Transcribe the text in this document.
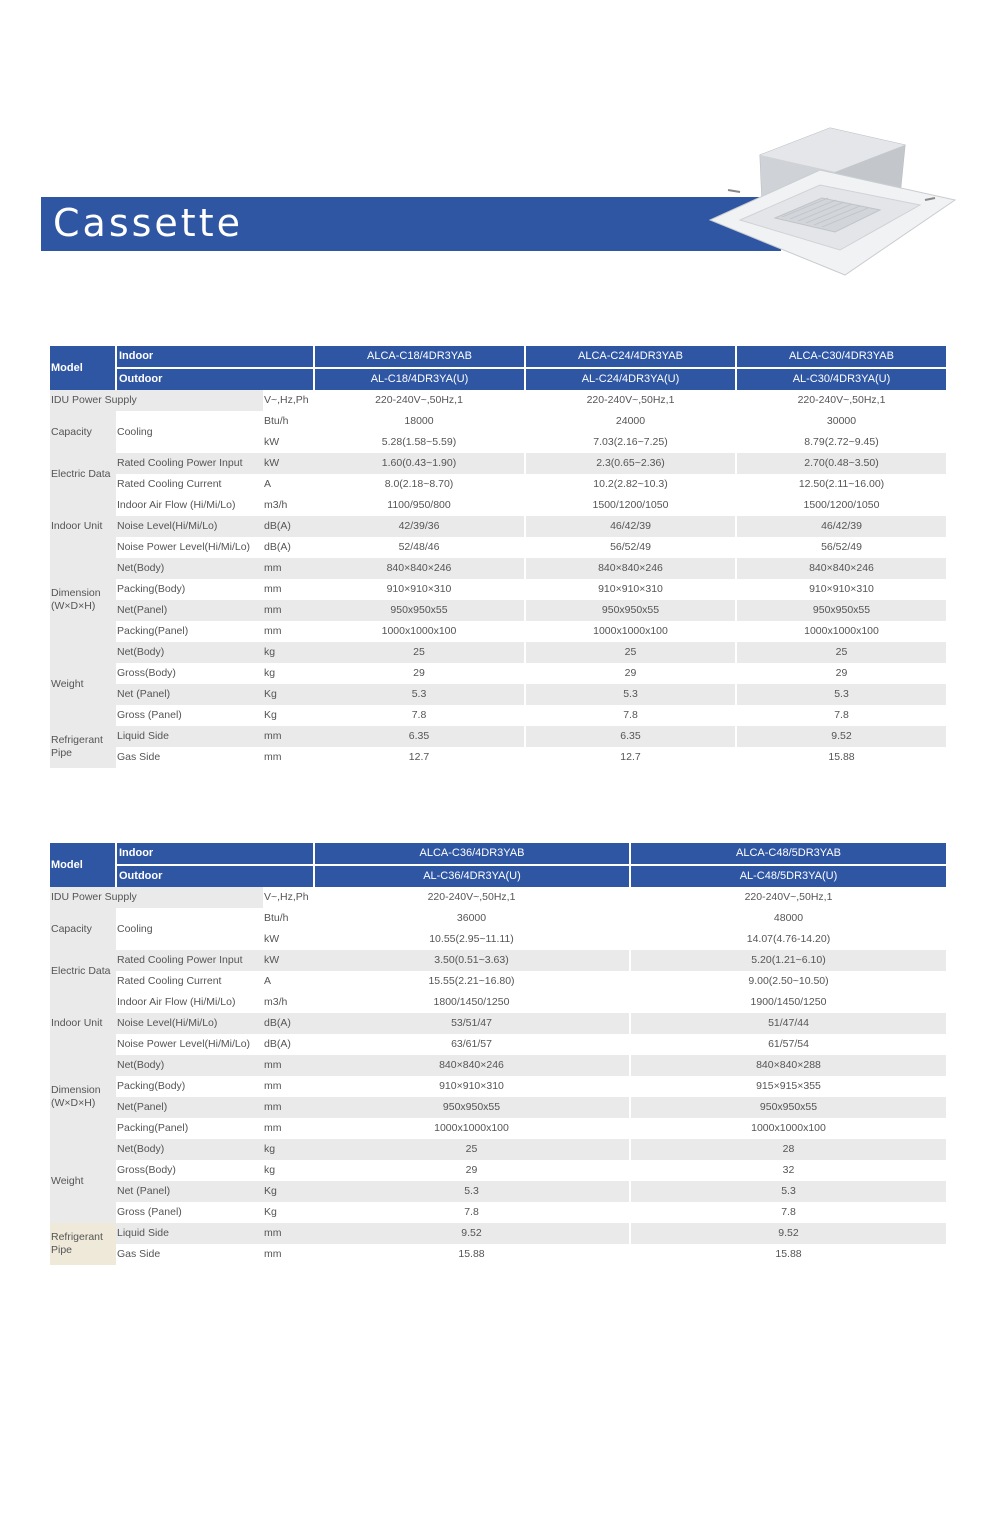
Cassette
Model	Indoor		ALCA-C18/4DR3YAB	ALCA-C24/4DR3YAB	ALCA-C30/4DR3YAB
	Outdoor		AL-C18/4DR3YA(U)	AL-C24/4DR3YA(U)	AL-C30/4DR3YA(U)
IDU Power Supply		V~,Hz,Ph	220-240V~,50Hz,1	220-240V~,50Hz,1	220-240V~,50Hz,1
Capacity	Cooling	Btu/h	18000	24000	30000
		kW	5.28(1.58~5.59)	7.03(2.16~7.25)	8.79(2.72~9.45)
Electric Data	Rated Cooling Power Input	kW	1.60(0.43~1.90)	2.3(0.65~2.36)	2.70(0.48~3.50)
	Rated Cooling Current	A	8.0(2.18~8.70)	10.2(2.82~10.3)	12.50(2.11~16.00)
Indoor Unit	Indoor Air Flow (Hi/Mi/Lo)	m3/h	1100/950/800	1500/1200/1050	1500/1200/1050
	Noise Level(Hi/Mi/Lo)	dB(A)	42/39/36	46/42/39	46/42/39
	Noise Power Level(Hi/Mi/Lo)	dB(A)	52/48/46	56/52/49	56/52/49
Dimension (W×D×H)	Net(Body)	mm	840×840×246	840×840×246	840×840×246
	Packing(Body)	mm	910×910×310	910×910×310	910×910×310
	Net(Panel)	mm	950x950x55	950x950x55	950x950x55
	Packing(Panel)	mm	1000x1000x100	1000x1000x100	1000x1000x100
Weight	Net(Body)	kg	25	25	25
	Gross(Body)	kg	29	29	29
	Net (Panel)	Kg	5.3	5.3	5.3
	Gross (Panel)	Kg	7.8	7.8	7.8
Refrigerant Pipe	Liquid Side	mm	6.35	6.35	9.52
	Gas Side	mm	12.7	12.7	15.88
Model	Indoor		ALCA-C36/4DR3YAB	ALCA-C48/5DR3YAB
	Outdoor		AL-C36/4DR3YA(U)	AL-C48/5DR3YA(U)
IDU Power Supply		V~,Hz,Ph	220-240V~,50Hz,1	220-240V~,50Hz,1
Capacity	Cooling	Btu/h	36000	48000
		kW	10.55(2.95~11.11)	14.07(4.76-14.20)
Electric Data	Rated Cooling Power Input	kW	3.50(0.51~3.63)	5.20(1.21~6.10)
	Rated Cooling Current	A	15.55(2.21~16.80)	9.00(2.50~10.50)
Indoor Unit	Indoor Air Flow (Hi/Mi/Lo)	m3/h	1800/1450/1250	1900/1450/1250
	Noise Level(Hi/Mi/Lo)	dB(A)	53/51/47	51/47/44
	Noise Power Level(Hi/Mi/Lo)	dB(A)	63/61/57	61/57/54
Dimension (W×D×H)	Net(Body)	mm	840×840×246	840×840×288
	Packing(Body)	mm	910×910×310	915×915×355
	Net(Panel)	mm	950x950x55	950x950x55
	Packing(Panel)	mm	1000x1000x100	1000x1000x100
Weight	Net(Body)	kg	25	28
	Gross(Body)	kg	29	32
	Net (Panel)	Kg	5.3	5.3
	Gross (Panel)	Kg	7.8	7.8
Refrigerant Pipe	Liquid Side	mm	9.52	9.52
	Gas Side	mm	15.88	15.88
